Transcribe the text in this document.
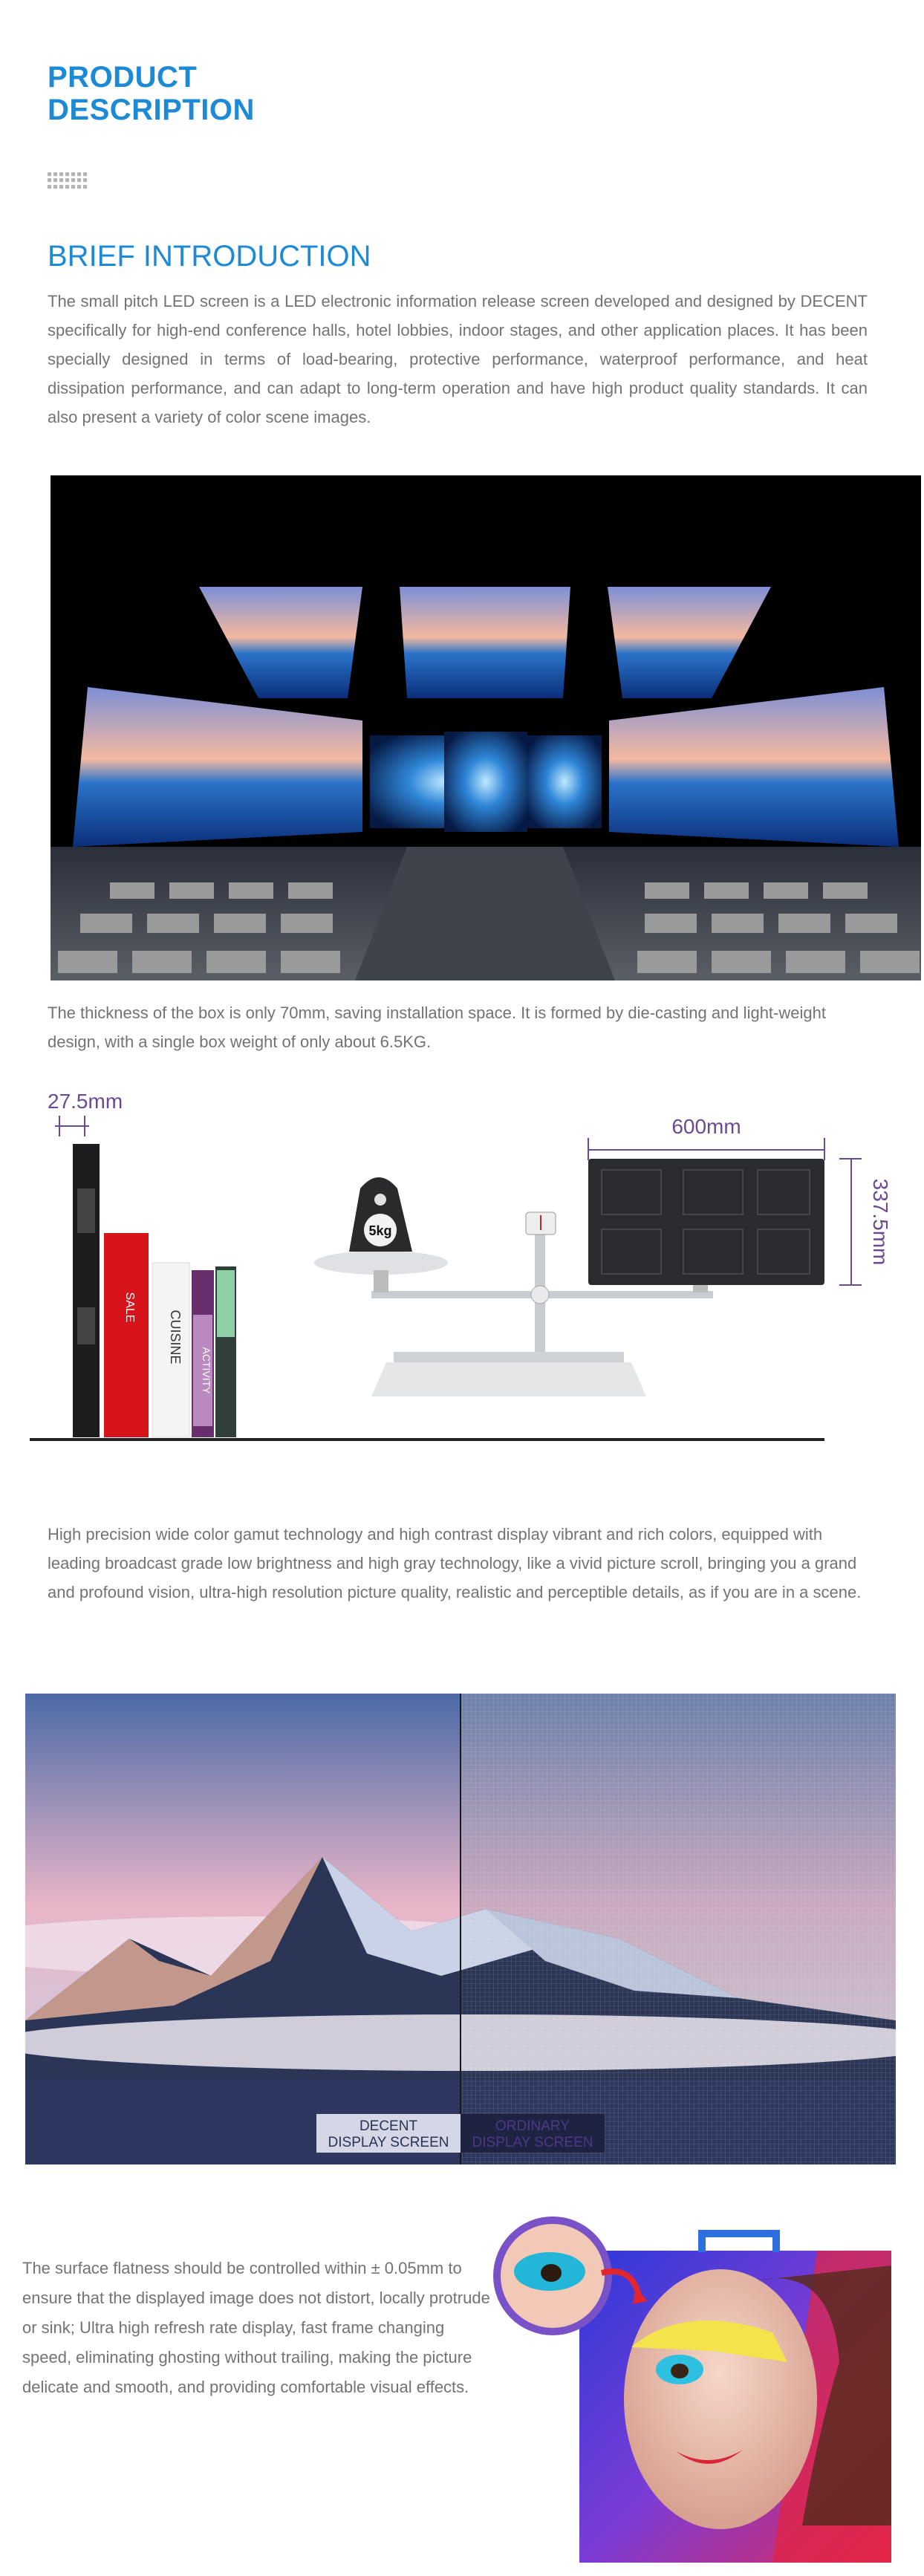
PRODUCT
DESCRIPTION
BRIEF INTRODUCTION

The small pitch LED screen is a LED electronic information release screen developed and designed by DECENT specifically for high-end conference halls, hotel lobbies, indoor stages, and other application places. It has been specially designed in terms of load-bearing, protective performance, waterproof performance, and heat dissipation performance, and can adapt to long-term operation and have high product quality standards. It can also present a variety of color scene images.

The thickness of the box is only 70mm, saving installation space. It is formed by die-casting and light-weight design, with a single box weight of only about 6.5KG.

27.5mm
SALE
CUISINE
ACTIVITY
5kg
600mm
337.5mm

High precision wide color gamut technology and high contrast display vibrant and rich colors, equipped with leading broadcast grade low brightness and high gray technology, like a vivid picture scroll, bringing you a grand and profound vision, ultra-high resolution picture quality, realistic and perceptible details, as if you are in a scene.

DECENT
DISPLAY SCREEN
ORDINARY
DISPLAY SCREEN

The surface flatness should be controlled within ± 0.05mm to ensure that the displayed image does not distort, locally protrude or sink; Ultra high refresh rate display, fast frame changing speed, eliminating ghosting without trailing, making the picture delicate and smooth, and providing comfortable visual effects.
